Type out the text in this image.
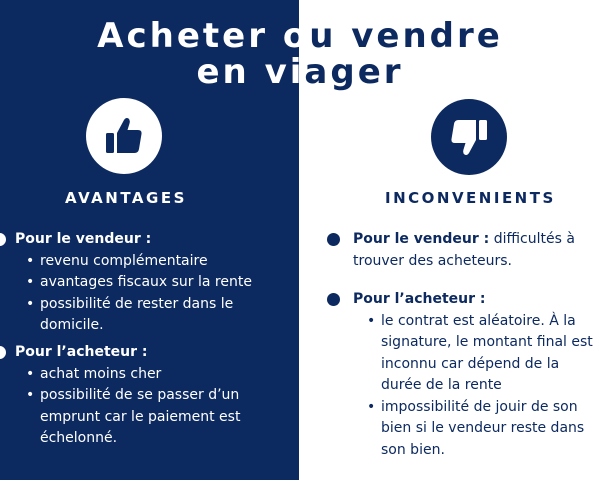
Acheter ou vendre
en viager
AVANTAGES	INCONVENIENTS

Pour le vendeur :

• revenu complémentaire
• avantages fiscaux sur la rente
• possibilité de rester dans le domicile.

Pour l’acheteur :

• achat moins cher
• possibilité de se passer d’un emprunt car le paiement est échelonné.

Pour le vendeur : difficultés à trouver des acheteurs.

Pour l’acheteur :

• le contrat est aléatoire. À la signature, le montant final est inconnu car dépend de la durée de la rente
• impossibilité de jouir de son bien si le vendeur reste dans son bien.
